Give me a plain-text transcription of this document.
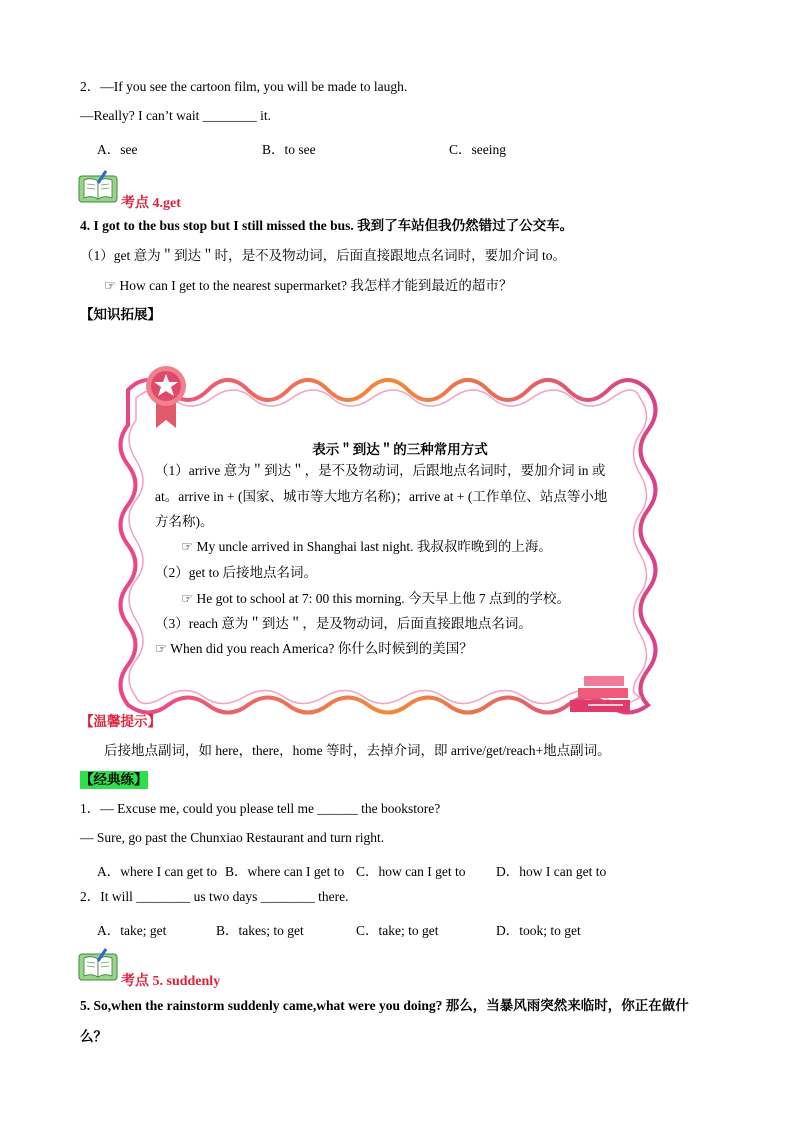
2．—If you see the cartoon film, you will be made to laugh.
—Really? I can’t wait ________ it.
A．see	B．to see	C．seeing
考点 4.get
4. I got to the bus stop but I still missed the bus. 我到了车站但我仍然错过了公交车。
（1）get 意为＂到达＂时，是不及物动词，后面直接跟地点名词时，要加介词 to。
☞ How can I get to the nearest supermarket? 我怎样才能到最近的超市？
【知识拓展】
表示＂到达＂的三种常用方式
（1）arrive 意为＂到达＂，是不及物动词，后跟地点名词时，要加介词 in 或
at。arrive in + (国家、城市等大地方名称)；arrive at + (工作单位、站点等小地
方名称)。
☞ My uncle arrived in Shanghai last night. 我叔叔昨晚到的上海。
（2）get to 后接地点名词。
☞ He got to school at 7: 00 this morning. 今天早上他 7 点到的学校。
（3）reach 意为＂到达＂，是及物动词，后面直接跟地点名词。
☞ When did you reach America? 你什么时候到的美国？
【温馨提示】
后接地点副词，如 here，there，home 等时，去掉介词，即 arrive/get/reach+地点副词。
【经典练】
1．— Excuse me, could you please tell me ______ the bookstore?
— Sure, go past the Chunxiao Restaurant and turn right.
A．where I can get to B．where can I get to C．how can I get to D．how I can get to
2．It will ________ us two days ________ there.
A．take; get	B．takes; to get	C．take; to get	D．took; to get
考点 5. suddenly
5. So,when the rainstorm suddenly came,what were you doing? 那么，当暴风雨突然来临时，你正在做什
么？
